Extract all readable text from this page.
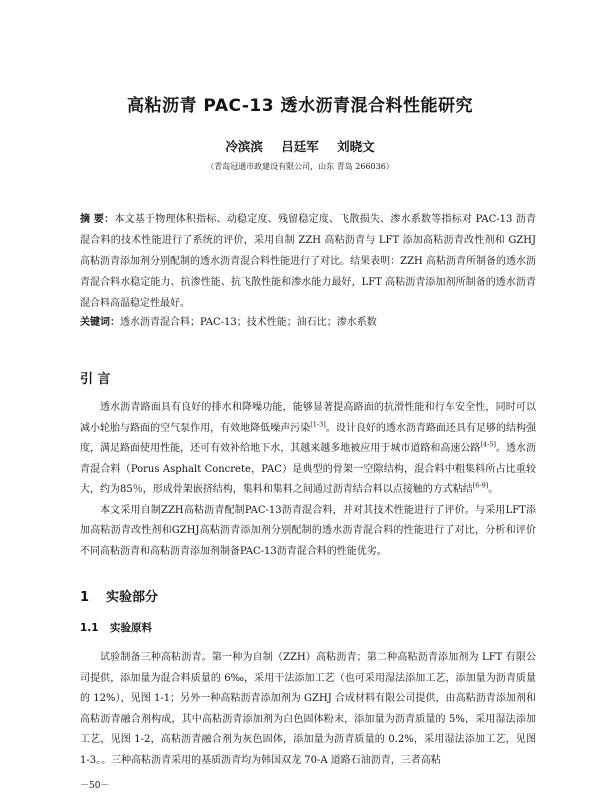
高粘沥青 PAC-13 透水沥青混合料性能研究
冷滨滨 吕廷军 刘晓文
（青岛冠通市政建设有限公司，山东 青岛 266036）
摘 要：本文基于物理体积指标、动稳定度、残留稳定度、飞散损失、渗水系数等指标对 PAC-13 沥青混合料的技术性能进行了系统的评价，采用自制 ZZH 高粘沥青与 LFT 添加高粘沥青改性剂和 GZHJ 高粘沥青添加剂分别配制的透水沥青混合料性能进行了对比。结果表明：ZZH 高粘沥青所制备的透水沥青混合料水稳定能力、抗渗性能、抗飞散性能和渗水能力最好，LFT 高粘沥青添加剂所制备的透水沥青混合料高温稳定性最好。
关键词：透水沥青混合料；PAC-13；技术性能；油石比；渗水系数
引 言

透水沥青路面具有良好的排水和降噪功能，能够显著提高路面的抗滑性能和行车安全性，同时可以减小轮胎与路面的空气泵作用，有效地降低噪声污染[1-3]。设计良好的透水沥青路面还具有足够的结构强度，满足路面使用性能，还可有效补给地下水，其越来越多地被应用于城市道路和高速公路[4-5]。透水沥青混合料（Porus Asphalt Concrete，PAC）是典型的骨架一空隙结构，混合料中粗集料所占比重较大，约为85％，形成骨架嵌挤结构，集料和集料之间通过沥青结合料以点接触的方式粘结[6-9]。

本文采用自制ZZH高粘沥青配制PAC-13沥青混合料，并对其技术性能进行了评价。与采用LFT添加高粘沥青改性剂和GZHJ高粘沥青添加剂分别配制的透水沥青混合料的性能进行了对比，分析和评价不同高粘沥青和高粘沥青添加剂制备PAC-13沥青混合料的性能优劣。

1 实验部分
1.1 实验原料

试验制备三种高粘沥青。第一种为自制（ZZH）高粘沥青；第二种高粘沥青添加剂为 LFT 有限公司提供，添加量为混合料质量的 6‰，采用干法添加工艺（也可采用湿法添加工艺，添加量为沥青质量的 12%），见图 1-1；另外一种高粘沥青添加剂为 GZHJ 合成材料有限公司提供，由高粘沥青添加剂和高粘沥青融合剂构成，其中高粘沥青添加剂为白色固体粉末，添加量为沥青质量的 5%，采用湿法添加工艺，见图 1-2，高粘沥青融合剂为灰色固体，添加量为沥青质量的 0.2%，采用湿法添加工艺，见图 1-3。。三种高粘沥青采用的基质沥青均为韩国双龙 70-A 道路石油沥青，三者高粘

－50－
